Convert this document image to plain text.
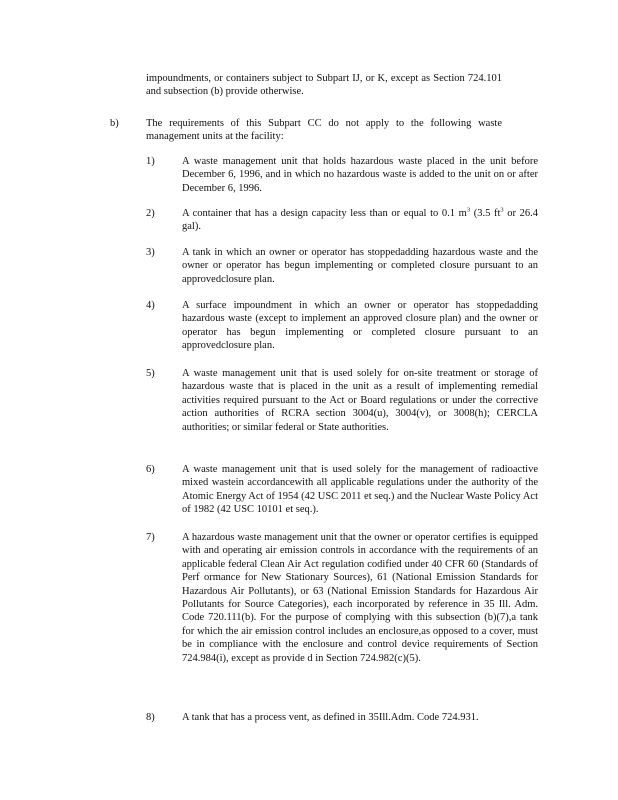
impoundments, or containers subject to Subpart IJ, or K, except as Section 724.101 and subsection (b) provide otherwise.

b)	The requirements of this Subpart CC do not apply to the following waste management units at the facility:

1)	A waste management unit that holds hazardous waste placed in the unit before December 6, 1996, and in which no hazardous waste is added to the unit on or after December 6, 1996.

2)	A container that has a design capacity less than or equal to 0.1 $m^3$ (3.5 $ft^3$ or 26.4 gal).

3)	A tank in which an owner or operator has stoppedadding hazardous waste and the owner or operator has begun implementing or completed closure pursuant to an approvedclosure plan.

4)	A surface impoundment in which an owner or operator has stoppedadding hazardous waste (except to implement an approved closure plan) and the owner or operator has begun implementing or completed closure pursuant to an approvedclosure plan.

5)	A waste management unit that is used solely for on-site treatment or storage of hazardous waste that is placed in the unit as a result of implementing remedial activities required pursuant to the Act or Board regulations or under the corrective action authorities of RCRA section 3004(u), 3004(v), or 3008(h); CERCLA authorities; or similar federal or State authorities.

6)	A waste management unit that is used solely for the management of radioactive mixed wastein accordancewith all applicable regulations under the authority of the Atomic Energy Act of 1954 (42 USC 2011 et seq.) and the Nuclear Waste Policy Act of 1982 (42 USC 10101 et seq.).

7)	A hazardous waste management unit that the owner or operator certifies is equipped with and operating air emission controls in accordance with the requirements of an applicable federal Clean Air Act regulation codified under 40 CFR 60 (Standards of Perf ormance for New Stationary Sources), 61 (National Emission Standards for Hazardous Air Pollutants), or 63 (National Emission Standards for Hazardous Air Pollutants for Source Categories), each incorporated by reference in 35 Ill. Adm. Code 720.111(b). For the purpose of complying with this subsection (b)(7),a tank for which the air emission control includes an enclosure,as opposed to a cover, must be in compliance with the enclosure and control device requirements of Section 724.984(i), except as provide d in Section 724.982(c)(5).

8)	A tank that has a process vent, as defined in 35Ill.Adm. Code 724.931.
